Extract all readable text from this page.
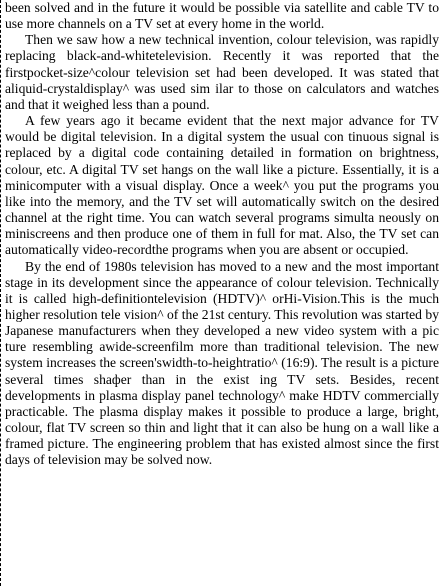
been solved and in the future it would be possible via satellite and cable TV to use more channels on a TV set at every home in the world.

Then we saw how a new technical invention, colour television, was rapidly replacing black-and-whitetelevision. Recently it was reported that the firstpocket-size^colour television set had been developed. It was stated that aliquid-crystaldisplay^ was used sim ilar to those on calculators and watches and that it weighed less than a pound.

A few years ago it became evident that the next major advance for TV would be digital television. In a digital system the usual con tinuous signal is replaced by a digital code containing detailed in formation on brightness, colour, etc. A digital TV set hangs on the wall like a picture. Essentially, it is a minicomputer with a visual display. Once a week^ you put the programs you like into the memory, and the TV set will automatically switch on the desired channel at the right time. You can watch several programs simulta neously on miniscreens and then produce one of them in full for mat. Also, the TV set can automatically video-recordthe programs when you are absent or occupied.

By the end of 1980s television has moved to a new and the most important stage in its development since the appearance of colour television. Technically it is called high-definitiontelevision (HDTV)^ orHi-Vision.This is the much higher resolution tele vision^ of the 21st century. This revolution was started by Japanese manufacturers when they developed a new video system with a pic ture resembling awide-screenfilm more than traditional television. The new system increases the screen'swidth-to-heightratio^ (16:9). The result is a picture several times shaфer than in the exist ing TV sets. Besides, recent developments in plasma display panel technology^ make HDTV commercially practicable. The plasma display makes it possible to produce a large, bright, colour, flat TV screen so thin and light that it can also be hung on a wall like a framed picture. The engineering problem that has existed almost since the first days of television may be solved now.
